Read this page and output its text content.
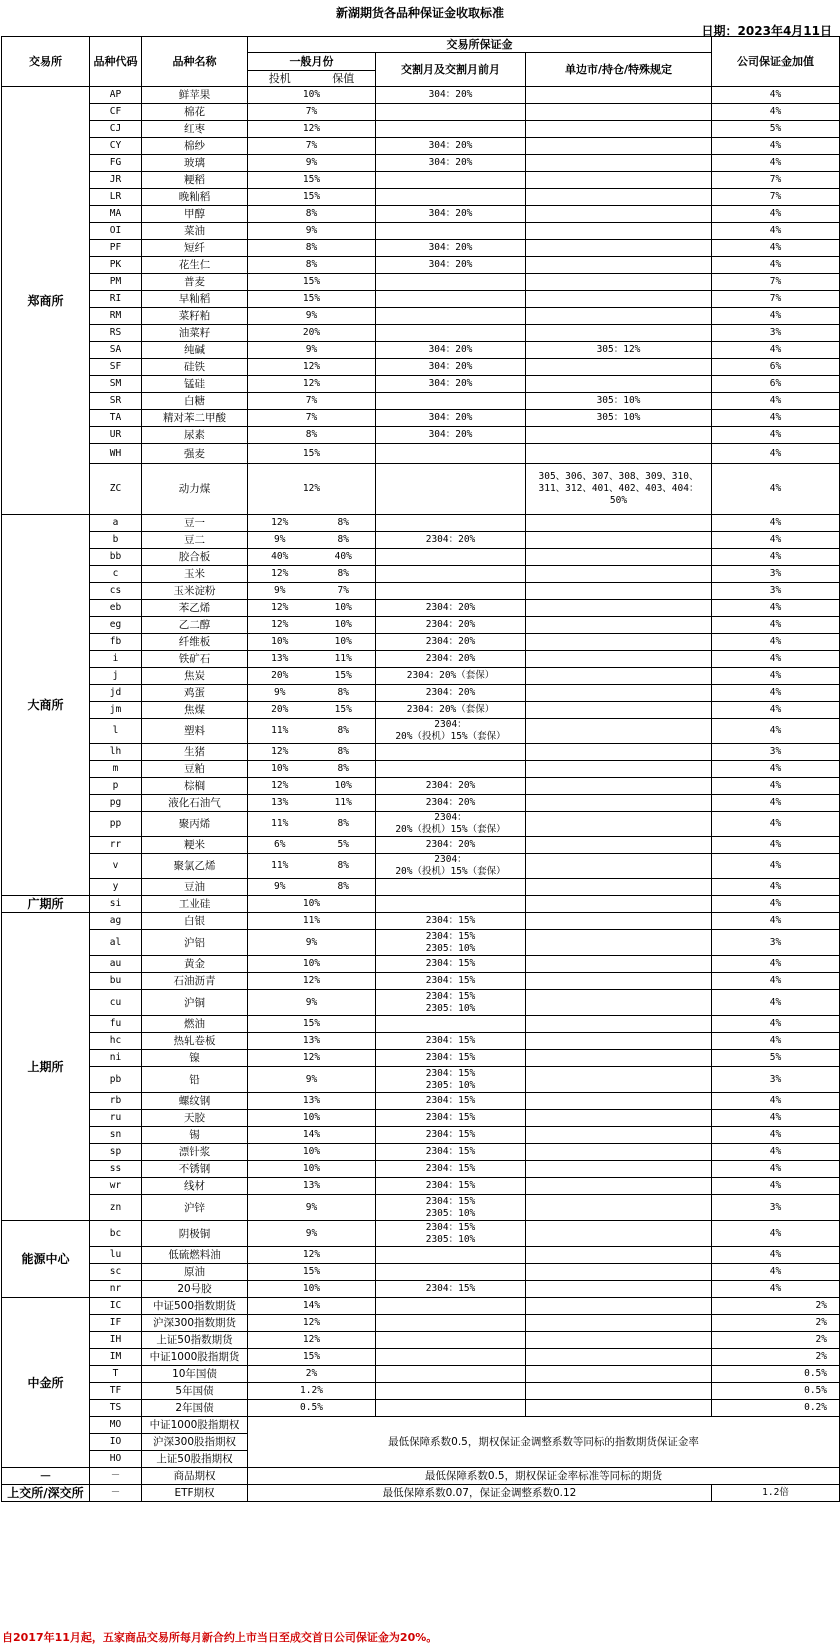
新湖期货各品种保证金收取标准
日期：2023年4月11日
交易所	品种代码	品种名称	交易所保证金				公司保证金加值
			一般月份		交割月及交割月前月	单边市/持仓/特殊规定	
			投机	保值			
郑商所	AP	鲜苹果	10%		304：20%		4%
	CF	棉花	7%				4%
	CJ	红枣	12%				5%
	CY	棉纱	7%		304：20%		4%
	FG	玻璃	9%		304：20%		4%
	JR	粳稻	15%				7%
	LR	晚籼稻	15%				7%
	MA	甲醇	8%		304：20%		4%
	OI	菜油	9%				4%
	PF	短纤	8%		304：20%		4%
	PK	花生仁	8%		304：20%		4%
	PM	普麦	15%				7%
	RI	早籼稻	15%				7%
	RM	菜籽粕	9%				4%
	RS	油菜籽	20%				3%
	SA	纯碱	9%		304：20%	305：12%	4%
	SF	硅铁	12%		304：20%		6%
	SM	锰硅	12%		304：20%		6%
	SR	白糖	7%			305：10%	4%
	TA	精对苯二甲酸	7%		304：20%	305：10%	4%
	UR	尿素	8%		304：20%		4%
	WH	强麦	15%				4%
	ZC	动力煤	12%			305、306、307、308、309、310、311、312、401、402、403、404：50%	4%
大商所	a	豆一	12%	8%			4%
	b	豆二	9%	8%	2304：20%		4%
	bb	胶合板	40%	40%			4%
	c	玉米	12%	8%			3%
	cs	玉米淀粉	9%	7%			3%
	eb	苯乙烯	12%	10%	2304：20%		4%
	eg	乙二醇	12%	10%	2304：20%		4%
	fb	纤维板	10%	10%	2304：20%		4%
	i	铁矿石	13%	11%	2304：20%		4%
	j	焦炭	20%	15%	2304：20%（套保）		4%
	jd	鸡蛋	9%	8%	2304：20%		4%
	jm	焦煤	20%	15%	2304：20%（套保）		4%
	l	塑料	11%	8%	2304：
20%（投机）15%（套保）		4%
	lh	生猪	12%	8%			3%
	m	豆粕	10%	8%			4%
	p	棕榈	12%	10%	2304：20%		4%
	pg	液化石油气	13%	11%	2304：20%		4%
	pp	聚丙烯	11%	8%	2304：
20%（投机）15%（套保）		4%
	rr	粳米	6%	5%	2304：20%		4%
	v	聚氯乙烯	11%	8%	2304：
20%（投机）15%（套保）		4%
	y	豆油	9%	8%			4%
广期所	si	工业硅	10%				4%
上期所	ag	白银	11%		2304：15%		4%
	al	沪铝	9%		2304：15%
2305：10%		3%
	au	黄金	10%		2304：15%		4%
	bu	石油沥青	12%		2304：15%		4%
	cu	沪铜	9%		2304：15%
2305：10%		4%
	fu	燃油	15%				4%
	hc	热轧卷板	13%		2304：15%		4%
	ni	镍	12%		2304：15%		5%
	pb	铅	9%		2304：15%
2305：10%		3%
	rb	螺纹钢	13%		2304：15%		4%
	ru	天胶	10%		2304：15%		4%
	sn	锡	14%		2304：15%		4%
	sp	漂针浆	10%		2304：15%		4%
	ss	不锈钢	10%		2304：15%		4%
	wr	线材	13%		2304：15%		4%
	zn	沪锌	9%		2304：15%
2305：10%		3%
能源中心	bc	阴极铜	9%		2304：15%
2305：10%		4%
	lu	低硫燃料油	12%				4%
	sc	原油	15%				4%
	nr	20号胶	10%		2304：15%		4%
中金所	IC	中证500指数期货	14%				2%
	IF	沪深300指数期货	12%				2%
	IH	上证50指数期货	12%				2%
	IM	中证1000股指期货	15%				2%
	T	10年国债	2%				0.5%
	TF	5年国债	1.2%				0.5%
	TS	2年国债	0.5%				0.2%
	MO	中证1000股指期权	最低保障系数0.5，期权保证金调整系数等同标的指数期货保证金率				
	IO	沪深300股指期权					
	HO	上证50股指期权					
－	－	商品期权	最低保障系数0.5，期权保证金率标准等同标的期货				
上交所/深交所	－	ETF期权	最低保障系数0.07，保证金调整系数0.12				1.2倍
自2017年11月起，五家商品交易所每月新合约上市当日至成交首日公司保证金为20%。
